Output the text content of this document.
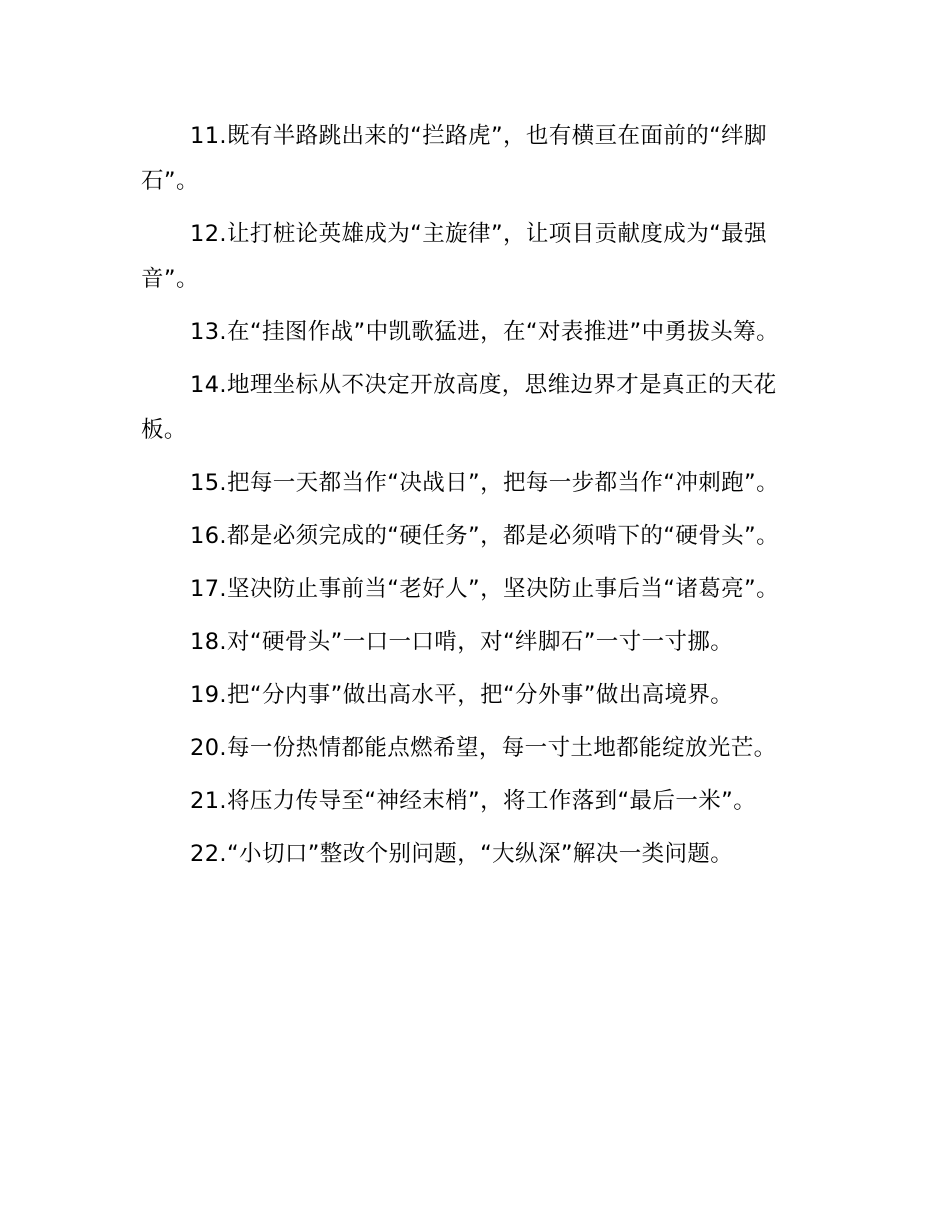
11.既有半路跳出来的“拦路虎”，也有横亘在面前的“绊脚石”。

12.让打桩论英雄成为“主旋律”，让项目贡献度成为“最强音”。

13.在“挂图作战”中凯歌猛进，在“对表推进”中勇拔头筹。

14.地理坐标从不决定开放高度，思维边界才是真正的天花板。

15.把每一天都当作“决战日”，把每一步都当作“冲刺跑”。

16.都是必须完成的“硬任务”，都是必须啃下的“硬骨头”。

17.坚决防止事前当“老好人”，坚决防止事后当“诸葛亮”。

18.对“硬骨头”一口一口啃，对“绊脚石”一寸一寸挪。

19.把“分内事”做出高水平，把“分外事”做出高境界。

20.每一份热情都能点燃希望，每一寸土地都能绽放光芒。

21.将压力传导至“神经末梢”，将工作落到“最后一米”。

22.“小切口”整改个别问题，“大纵深”解决一类问题。
